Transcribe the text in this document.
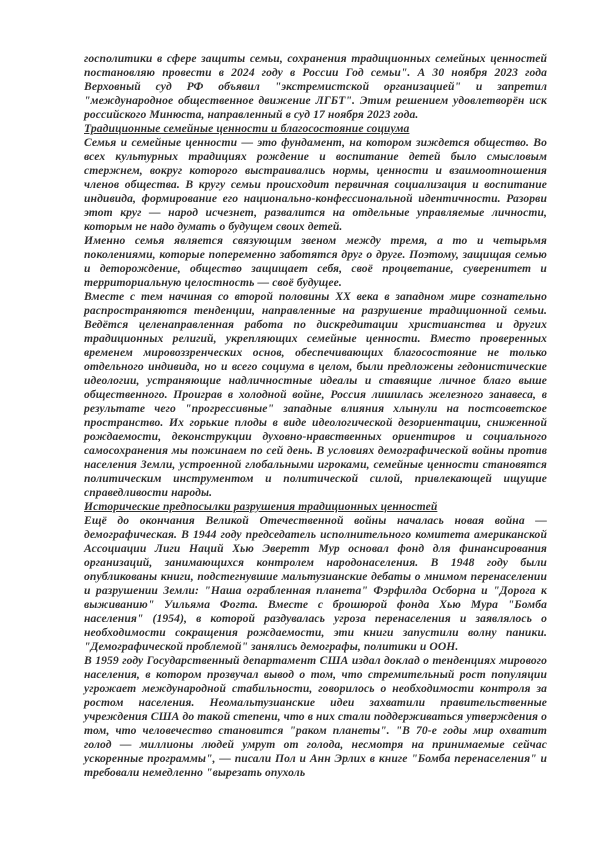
госполитики в сфере защиты семьи, сохранения традиционных семейных ценностей постановляю провести в 2024 году в России Год семьи". А 30 ноября 2023 года Верховный суд РФ объявил "экстремистской организацией" и запретил "международное общественное движение ЛГБТ". Этим решением удовлетворён иск российского Минюста, направленный в суд 17 ноября 2023 года.

Традиционные семейные ценности и благосостояние социума

Семья и семейные ценности — это фундамент, на котором зиждется общество. Во всех культурных традициях рождение и воспитание детей было смысловым стержнем, вокруг которого выстраивались нормы, ценности и взаимоотношения членов общества. В кругу семьи происходит первичная социализация и воспитание индивида, формирование его национально-конфессиональной идентичности. Разорви этот круг — народ исчезнет, развалится на отдельные управляемые личности, которым не надо думать о будущем своих детей.

Именно семья является связующим звеном между тремя, а то и четырьмя поколениями, которые попеременно заботятся друг о друге. Поэтому, защищая семью и деторождение, общество защищает себя, своё процветание, суверенитет и территориальную целостность — своё будущее.

Вместе с тем начиная со второй половины XX века в западном мире сознательно распространяются тенденции, направленные на разрушение традиционной семьи. Ведётся целенаправленная работа по дискредитации христианства и других традиционных религий, укрепляющих семейные ценности. Вместо проверенных временем мировоззренческих основ, обеспечивающих благосостояние не только отдельного индивида, но и всего социума в целом, были предложены гедонистические идеологии, устраняющие надличностные идеалы и ставящие личное благо выше общественного. Проиграв в холодной войне, Россия лишилась железного занавеса, в результате чего "прогрессивные" западные влияния хлынули на постсоветское пространство. Их горькие плоды в виде идеологической дезориентации, сниженной рождаемости, деконструкции духовно-нравственных ориентиров и социального самосохранения мы пожинаем по сей день. В условиях демографической войны против населения Земли, устроенной глобальными игроками, семейные ценности становятся политическим инструментом и политической силой, привлекающей ищущие справедливости народы.

Исторические предпосылки разрушения традиционных ценностей

Ещё до окончания Великой Отечественной войны началась новая война — демографическая. В 1944 году председатель исполнительного комитета американской Ассоциации Лиги Наций Хью Эверетт Мур основал фонд для финансирования организаций, занимающихся контролем народонаселения. В 1948 году были опубликованы книги, подстегнувшие мальтузианские дебаты о мнимом перенаселении и разрушении Земли: "Наша ограбленная планета" Фэрфилда Осборна и "Дорога к выживанию" Уильяма Фогта. Вместе с брошюрой фонда Хью Мура "Бомба населения" (1954), в которой раздувалась угроза перенаселения и заявлялось о необходимости сокращения рождаемости, эти книги запустили волну паники. "Демографической проблемой" занялись демографы, политики и ООН.

В 1959 году Государственный департамент США издал доклад о тенденциях мирового населения, в котором прозвучал вывод о том, что стремительный рост популяции угрожает международной стабильности, говорилось о необходимости контроля за ростом населения. Неомальтузианские идеи захватили правительственные учреждения США до такой степени, что в них стали поддерживаться утверждения о том, что человечество становится "раком планеты". "В 70-е годы мир охватит голод — миллионы людей умрут от голода, несмотря на принимаемые сейчас ускоренные программы", — писали Пол и Анн Эрлих в книге "Бомба перенаселения" и требовали немедленно "вырезать опухоль
